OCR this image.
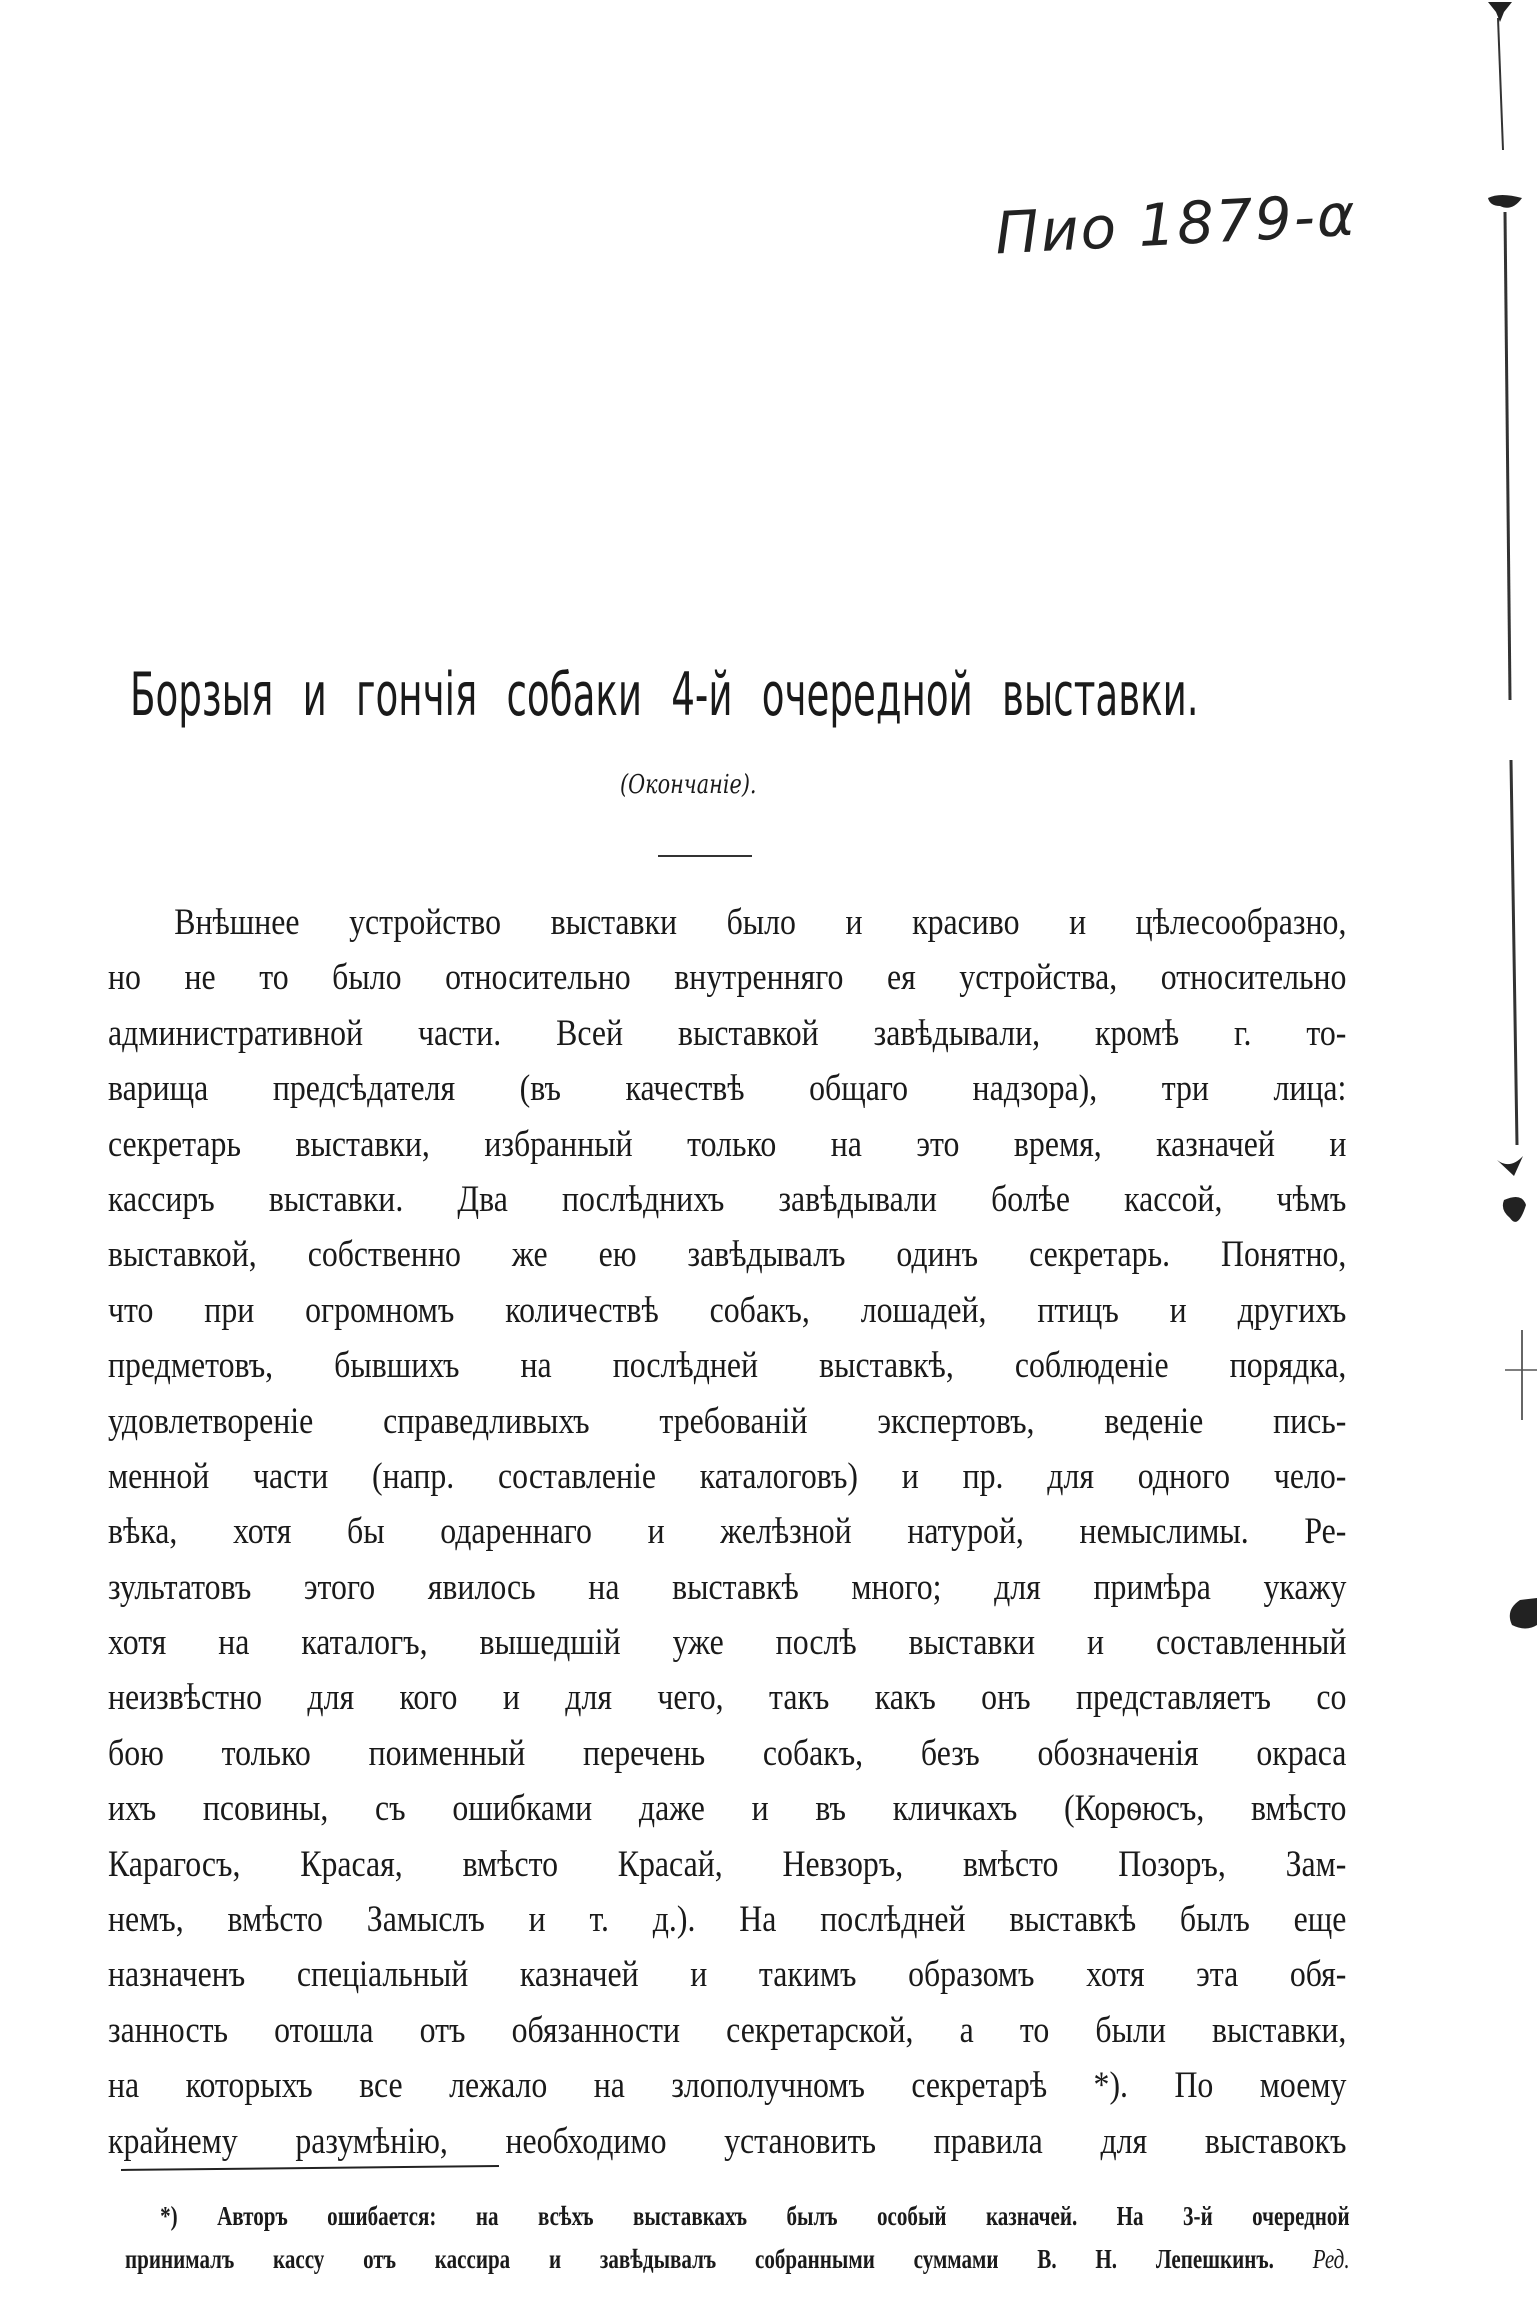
Пио 1879-α
Борзыя и гончія собаки 4-й очередной выставки.
(Окончаніе).
Внѣшнее устройство выставки было и красиво и цѣлесообразно,
но не то было относительно внутренняго ея устройства, относительно
административной части. Всей выставкой завѣдывали, кромѣ г. то-
варища предсѣдателя (въ качествѣ общаго надзора), три лица:
секретарь выставки, избранный только на это время, казначей и
кассиръ выставки. Два послѣднихъ завѣдывали болѣе кассой, чѣмъ
выставкой, собственно же ею завѣдывалъ одинъ секретарь. Понятно,
что при огромномъ количествѣ собакъ, лошадей, птицъ и другихъ
предметовъ, бывшихъ на послѣдней выставкѣ, соблюденіе порядка,
удовлетвореніе справедливыхъ требованій экспертовъ, веденіе пись-
менной части (напр. составленіе каталоговъ) и пр. для одного чело-
вѣка, хотя бы одареннаго и желѣзной натурой, немыслимы. Ре-
зультатовъ этого явилось на выставкѣ много; для примѣра укажу
хотя на каталогъ, вышедшій уже послѣ выставки и составленный
неизвѣстно для кого и для чего, такъ какъ онъ представляетъ со
бою только поименный перечень собакъ, безъ обозначенія окраса
ихъ псовины, съ ошибками даже и въ кличкахъ (Корѳюсъ, вмѣсто
Карагосъ, Красая, вмѣсто Красай, Невзоръ, вмѣсто Позоръ, Зам-
немъ, вмѣсто Замыслъ и т. д.). На послѣдней выставкѣ былъ еще
назначенъ спеціальный казначей и такимъ образомъ хотя эта обя-
занность отошла отъ обязанности секретарской, а то были выставки,
на которыхъ все лежало на злополучномъ секретарѣ *). По моему
крайнему разумѣнію, необходимо установить правила для выставокъ
*) Авторъ ошибается: на всѣхъ выставкахъ былъ особый казначей. На 3-й очередной
принималъ кассу отъ кассира и завѣдывалъ собранными суммами В. Н. Лепешкинъ. Ред.
